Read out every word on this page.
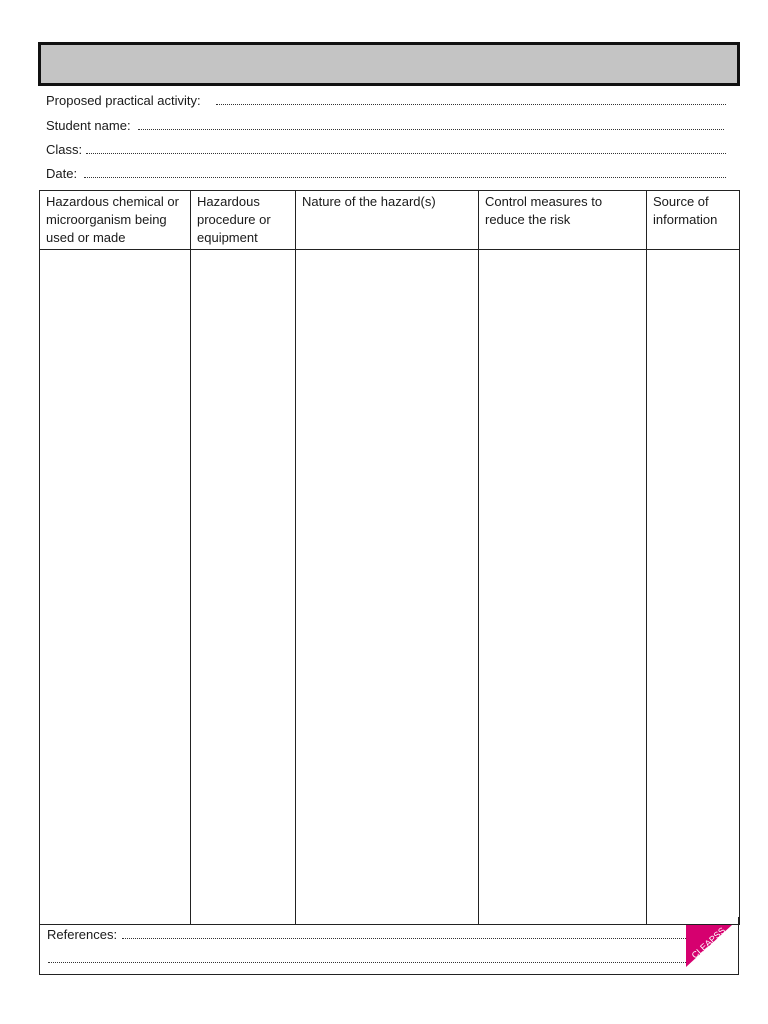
Proposed practical activity:
Student name:
Class:
Date:
Hazardous chemical or microorganism being used or made	Hazardous procedure or equipment	Nature of the hazard(s)	Control measures to reduce the risk	Source of information

References:	CLEAPSS
